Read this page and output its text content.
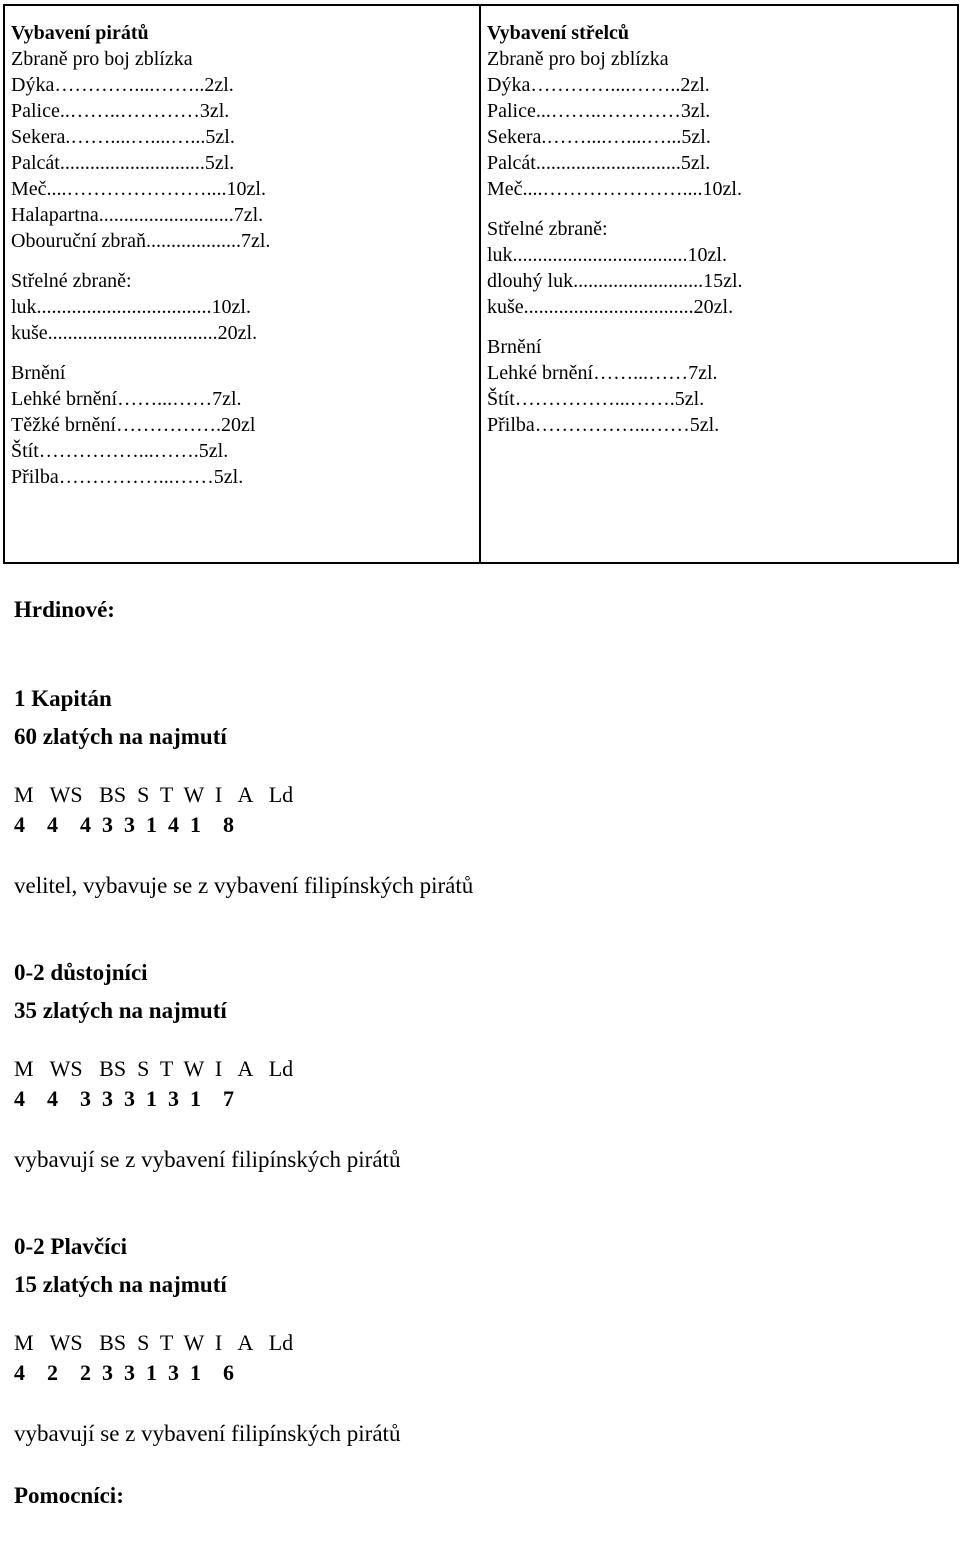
Vybavení pirátů
Zbraně pro boj zblízka
Dýka…………....……..2zl.
Palice..……..…………3zl.
Sekera.……....…....…...5zl.
Palcát.............................5zl.
Meč....…………………....10zl.
Halapartna...........................7zl.
Obouruční zbraň...................7zl.
Střelné zbraně:
luk...................................10zl.
kuše..................................20zl.
Brnění
Lehké brnění……...……7zl.
Těžké brnění…………….20zl
Štít……………...…….5zl.
Přilba……………...……5zl.
Vybavení střelců
Zbraně pro boj zblízka
Dýka…………....……..2zl.
Palice...……..…………3zl.
Sekera.……....…....…...5zl.
Palcát.............................5zl.
Meč....…………………....10zl.
Střelné zbraně:
luk...................................10zl.
dlouhý luk..........................15zl.
kuše..................................20zl.
Brnění
Lehké brnění……...……7zl.
Štít……………...…….5zl.
Přilba……………...……5zl.
Hrdinové:
1 Kapitán
60 zlatých na najmutí
M   WS   BS  S  T  W  I   A   Ld
4    4    4  3  3  1  4  1    8
velitel, vybavuje se z vybavení filipínských pirátů
0-2 důstojníci
35 zlatých na najmutí
M   WS   BS  S  T  W  I   A   Ld
4    4    3  3  3  1  3  1    7
vybavují se z vybavení filipínských pirátů
0-2 Plavčíci
15 zlatých na najmutí
M   WS   BS  S  T  W  I   A   Ld
4    2    2  3  3  1  3  1    6
vybavují se z vybavení filipínských pirátů
Pomocníci:
